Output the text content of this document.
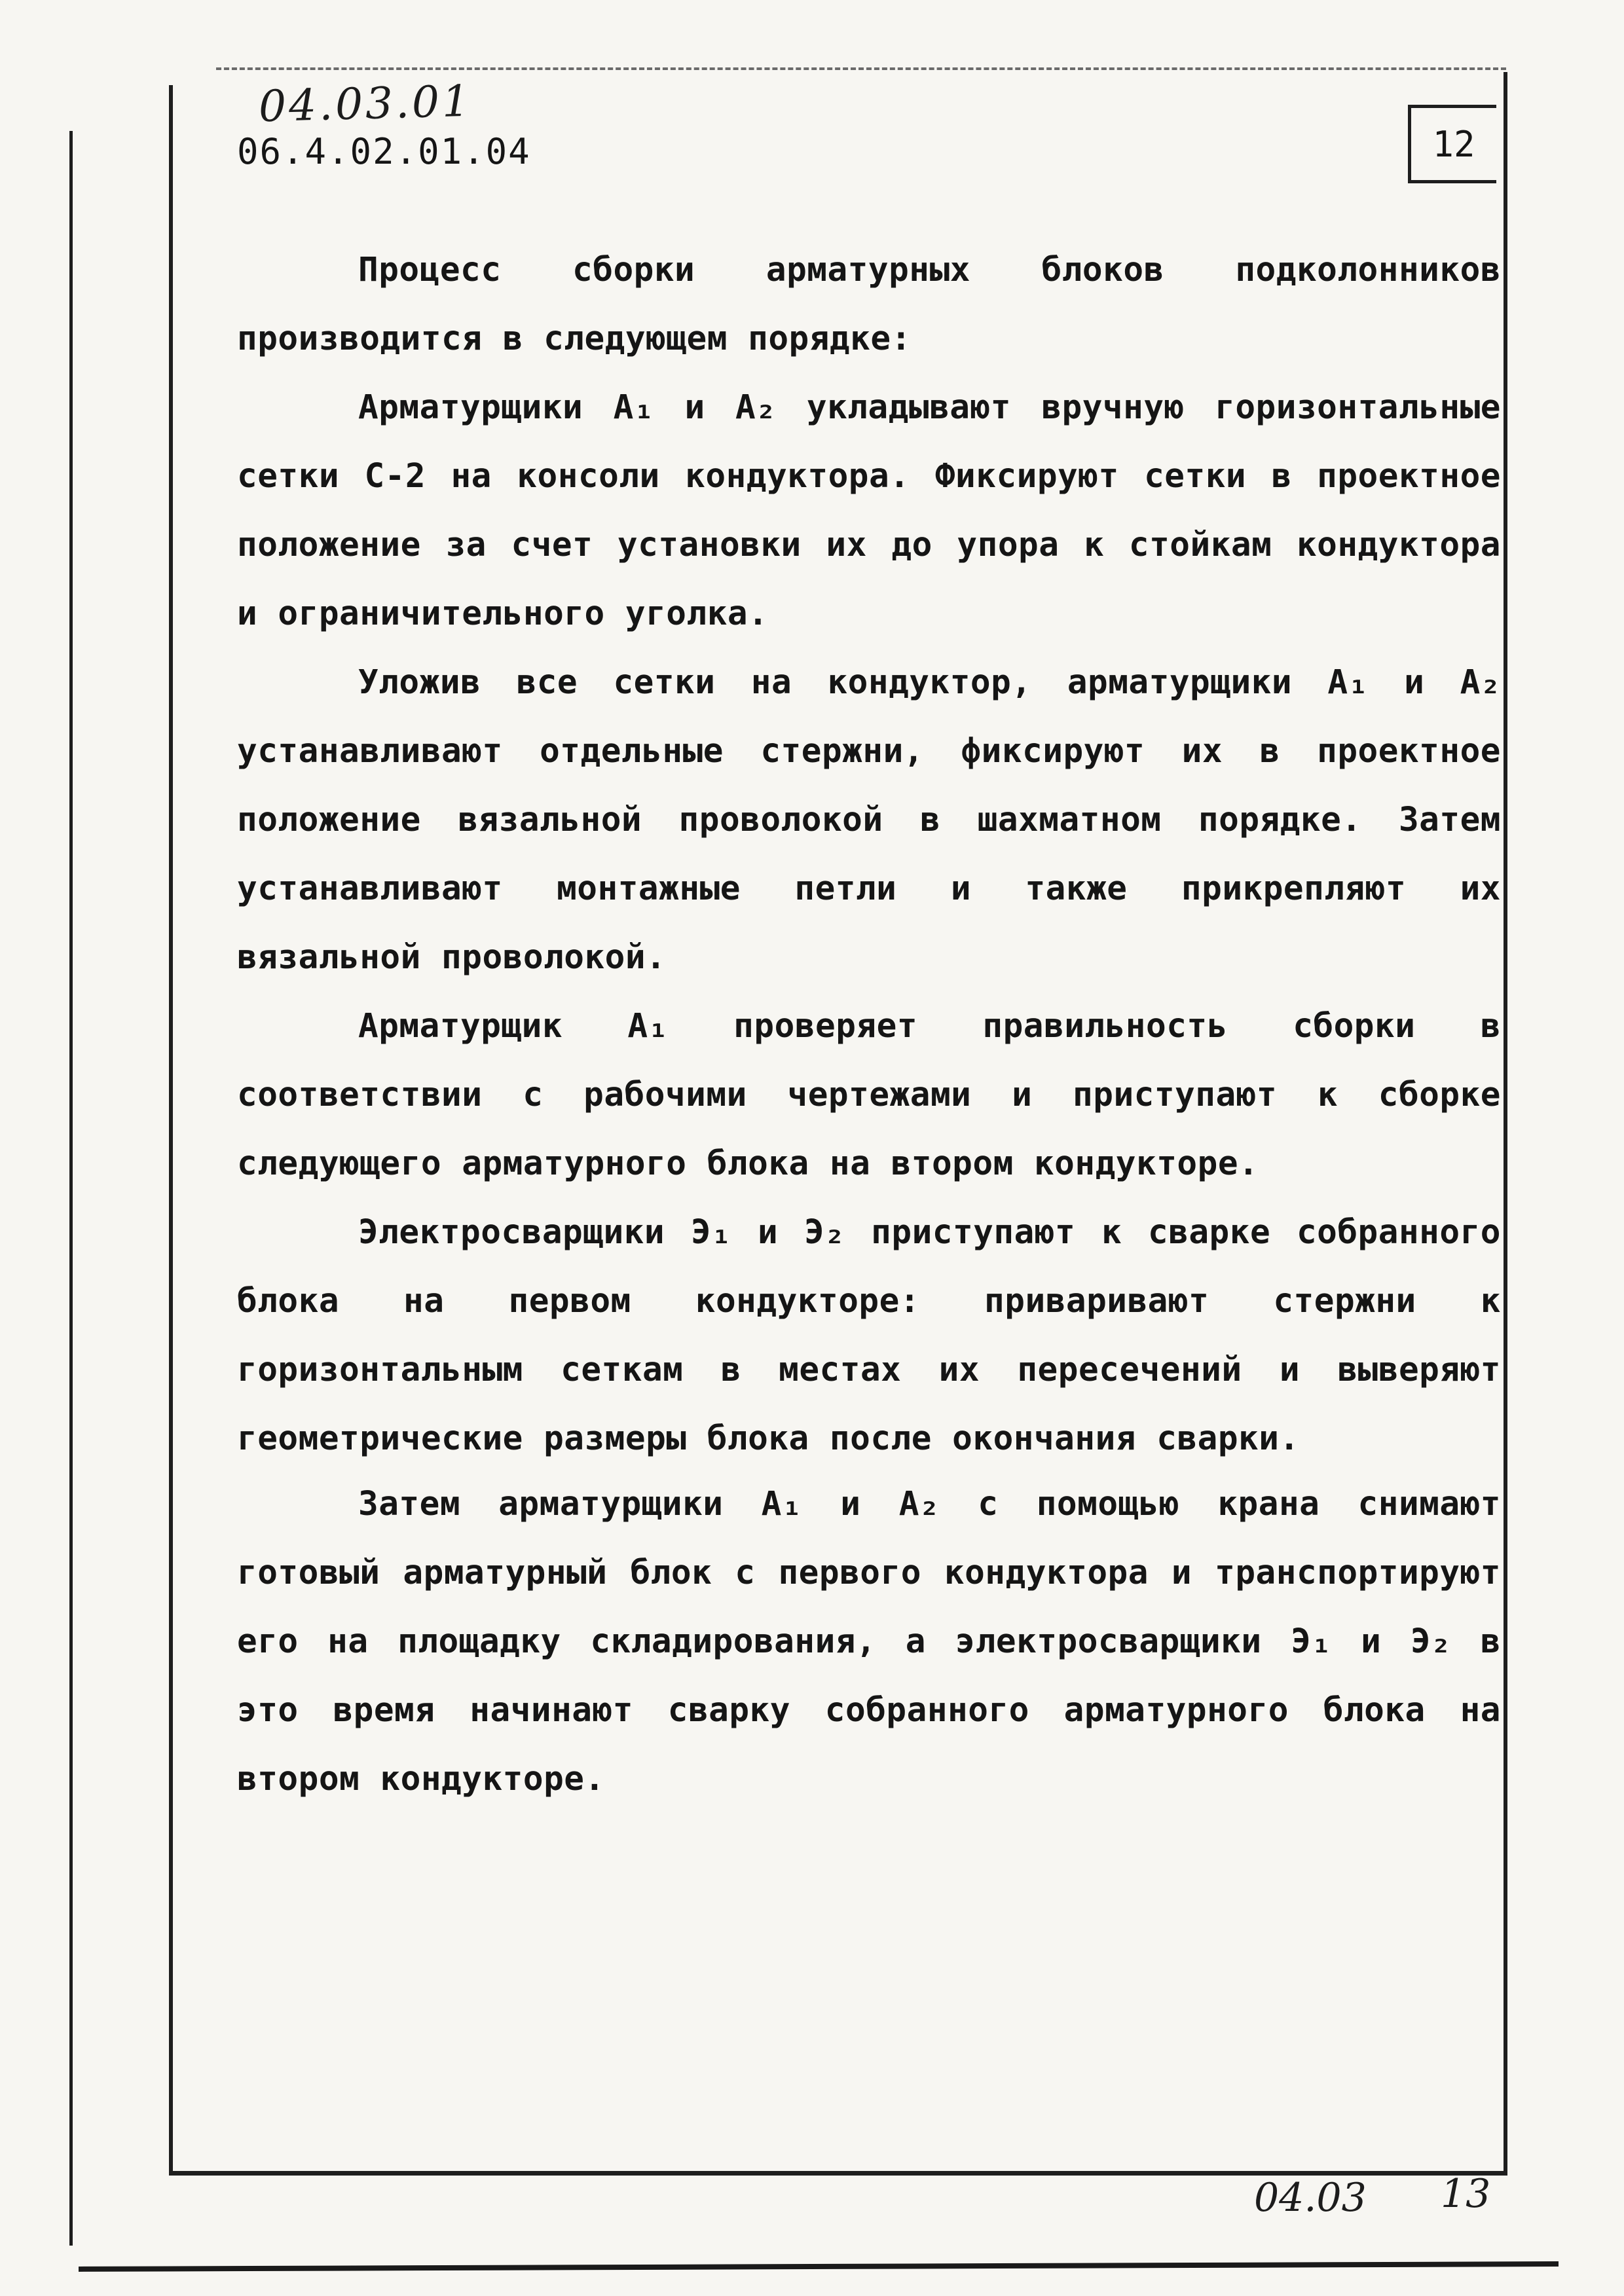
04.03.01
06.4.02.01.04	12

Процесс сборки арматурных блоков подколонников производится в следующем порядке:

Арматурщики А₁ и А₂ укладывают вручную горизонтальные сетки С-2 на консоли кондуктора. Фиксируют сетки в проектное положение за счет установки их до упора к стойкам кондуктора и ограничительного уголка.

Уложив все сетки на кондуктор, арматурщики А₁ и А₂ устанавливают отдельные стержни, фиксируют их в проектное положение вязальной проволокой в шахматном порядке. Затем устанавливают монтажные петли и также прикрепляют их вязальной проволокой.

Арматурщик А₁ проверяет правильность сборки в соответствии с рабочими чертежами и приступают к сборке следующего арматурного блока на втором кондукторе.

Электросварщики Э₁ и Э₂ приступают к сварке собранного блока на первом кондукторе: приваривают стержни к горизонтальным сеткам в местах их пересечений и выверяют геометрические размеры блока после окончания сварки.

Затем арматурщики А₁ и А₂ с помощью крана снимают готовый арматурный блок с первого кондуктора и транспортируют его на площадку складирования, а электросварщики Э₁ и Э₂ в это время начинают сварку собранного арматурного блока на втором кондукторе.

04.03 13
